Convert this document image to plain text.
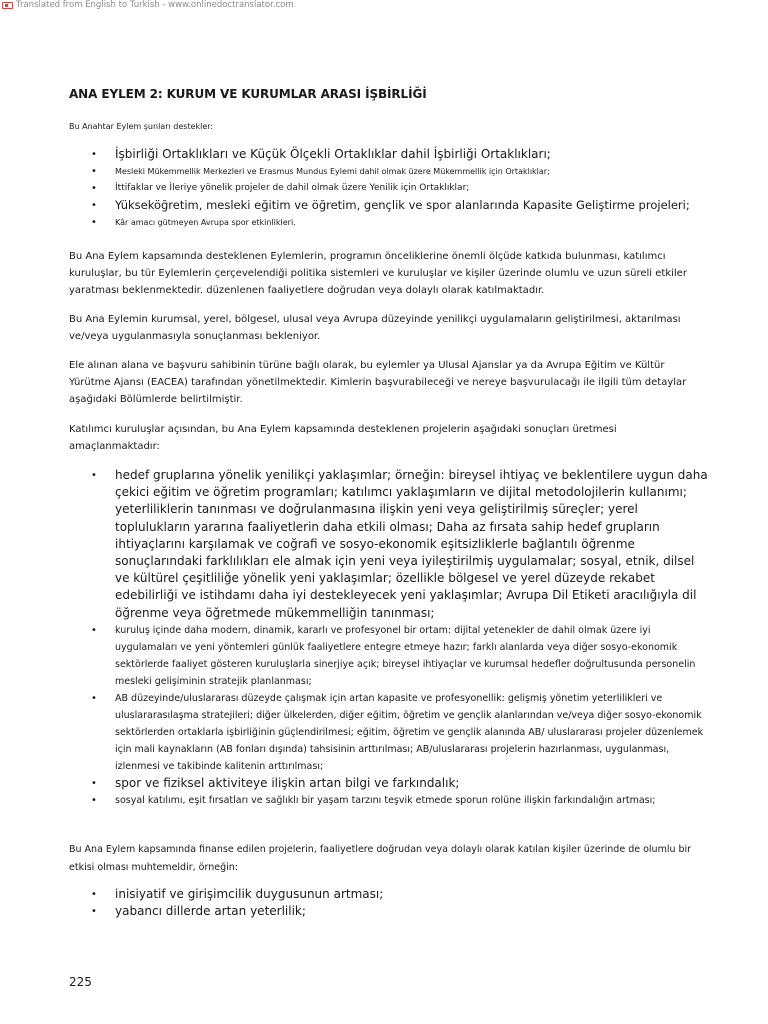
Translated from English to Turkish - www.onlinedoctranslator.com
ANA EYLEM 2: KURUM VE KURUMLAR ARASI İŞBİRLİĞİ
Bu Anahtar Eylem şunları destekler:
• İşbirliği Ortaklıkları ve Küçük Ölçekli Ortaklıklar dahil İşbirliği Ortaklıkları;
• Mesleki Mükemmellik Merkezleri ve Erasmus Mundus Eylemi dahil olmak üzere Mükemmellik için Ortaklıklar;
• İttifaklar ve İleriye yönelik projeler de dahil olmak üzere Yenilik için Ortaklıklar;
• Yükseköğretim, mesleki eğitim ve öğretim, gençlik ve spor alanlarında Kapasite Geliştirme projeleri;
• Kâr amacı gütmeyen Avrupa spor etkinlikleri.
Bu Ana Eylem kapsamında desteklenen Eylemlerin, programın önceliklerine önemli ölçüde katkıda bulunması, katılımcı kuruluşlar, bu tür Eylemlerin çerçevelendiği politika sistemleri ve kuruluşlar ve kişiler üzerinde olumlu ve uzun süreli etkiler yaratması beklenmektedir. düzenlenen faaliyetlere doğrudan veya dolaylı olarak katılmaktadır.
Bu Ana Eylemin kurumsal, yerel, bölgesel, ulusal veya Avrupa düzeyinde yenilikçi uygulamaların geliştirilmesi, aktarılması ve/veya uygulanmasıyla sonuçlanması bekleniyor.
Ele alınan alana ve başvuru sahibinin türüne bağlı olarak, bu eylemler ya Ulusal Ajanslar ya da Avrupa Eğitim ve Kültür Yürütme Ajansı (EACEA) tarafından yönetilmektedir. Kimlerin başvurabileceği ve nereye başvurulacağı ile ilgili tüm detaylar aşağıdaki Bölümlerde belirtilmiştir.
Katılımcı kuruluşlar açısından, bu Ana Eylem kapsamında desteklenen projelerin aşağıdaki sonuçları üretmesi amaçlanmaktadır:
• hedef gruplarına yönelik yenilikçi yaklaşımlar; örneğin: bireysel ihtiyaç ve beklentilere uygun daha çekici eğitim ve öğretim programları; katılımcı yaklaşımların ve dijital metodolojilerin kullanımı; yeterliliklerin tanınması ve doğrulanmasına ilişkin yeni veya geliştirilmiş süreçler; yerel toplulukların yararına faaliyetlerin daha etkili olması; Daha az fırsata sahip hedef grupların ihtiyaçlarını karşılamak ve coğrafi ve sosyo-ekonomik eşitsizliklerle bağlantılı öğrenme sonuçlarındaki farklılıkları ele almak için yeni veya iyileştirilmiş uygulamalar; sosyal, etnik, dilsel ve kültürel çeşitliliğe yönelik yeni yaklaşımlar; özellikle bölgesel ve yerel düzeyde rekabet edebilirliği ve istihdamı daha iyi destekleyecek yeni yaklaşımlar; Avrupa Dil Etiketi aracılığıyla dil öğrenme veya öğretmede mükemmelliğin tanınması;
• kuruluş içinde daha modern, dinamik, kararlı ve profesyonel bir ortam: dijital yetenekler de dahil olmak üzere iyi uygulamaları ve yeni yöntemleri günlük faaliyetlere entegre etmeye hazır; farklı alanlarda veya diğer sosyo-ekonomik sektörlerde faaliyet gösteren kuruluşlarla sinerjiye açık; bireysel ihtiyaçlar ve kurumsal hedefler doğrultusunda personelin mesleki gelişiminin stratejik planlanması;
• AB düzeyinde/uluslararası düzeyde çalışmak için artan kapasite ve profesyonellik: gelişmiş yönetim yeterlilikleri ve uluslararasılaşma stratejileri; diğer ülkelerden, diğer eğitim, öğretim ve gençlik alanlarından ve/veya diğer sosyo-ekonomik sektörlerden ortaklarla işbirliğinin güçlendirilmesi; eğitim, öğretim ve gençlik alanında AB/ uluslararası projeler düzenlemek için mali kaynakların (AB fonları dışında) tahsisinin arttırılması; AB/uluslararası projelerin hazırlanması, uygulanması, izlenmesi ve takibinde kalitenin arttırılması;
• spor ve fiziksel aktiviteye ilişkin artan bilgi ve farkındalık;
• sosyal katılımı, eşit fırsatları ve sağlıklı bir yaşam tarzını teşvik etmede sporun rolüne ilişkin farkındalığın artması;
Bu Ana Eylem kapsamında finanse edilen projelerin, faaliyetlere doğrudan veya dolaylı olarak katılan kişiler üzerinde de olumlu bir etkisi olması muhtemeldir, örneğin:
• inisiyatif ve girişimcilik duygusunun artması;
• yabancı dillerde artan yeterlilik;
225
